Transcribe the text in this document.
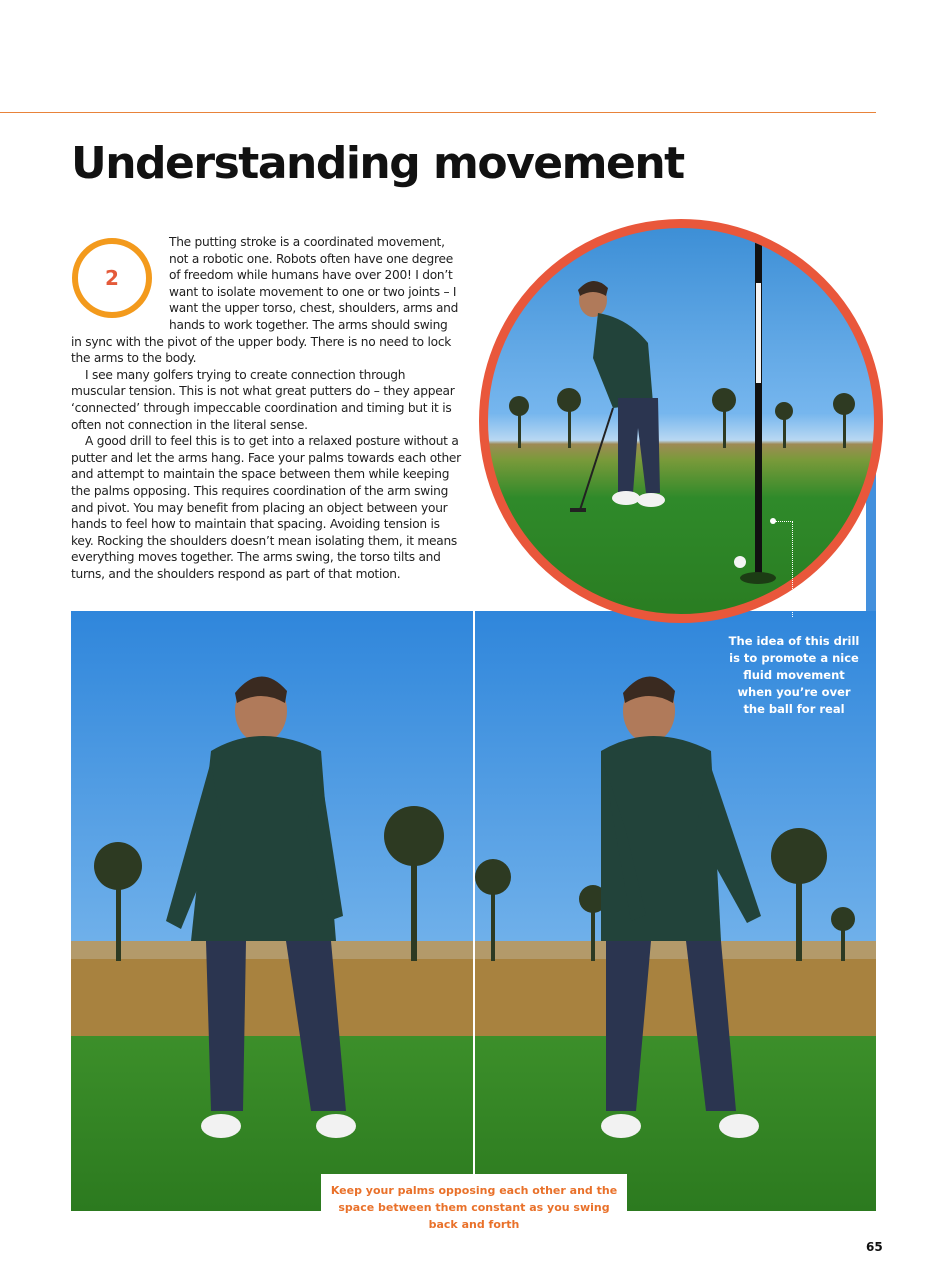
Understanding movement
2

The putting stroke is a coordinated movement, not a robotic one. Robots often have one degree of freedom while humans have over 200! I don’t want to isolate movement to one or two joints – I want the upper torso, chest, shoulders, arms and hands to work together. The arms should swing in sync with the pivot of the upper body. There is no need to lock the arms to the body.

I see many golfers trying to create connection through muscular tension. This is not what great putters do – they appear ‘connected’ through impeccable coordination and timing but it is often not connection in the literal sense.

A good drill to feel this is to get into a relaxed posture without a putter and let the arms hang. Face your palms towards each other and attempt to maintain the space between them while keeping the palms opposing. This requires coordination of the arm swing and pivot. You may benefit from placing an object between your hands to feel how to maintain that spacing. Avoiding tension is key. Rocking the shoulders doesn’t mean isolating them, it means everything moves together. The arms swing, the torso tilts and turns, and the shoulders respond as part of that motion.

The idea of this drill is to promote a nice fluid movement when you’re over the ball for real
Keep your palms opposing each other and the space between them constant as you swing back and forth
65
